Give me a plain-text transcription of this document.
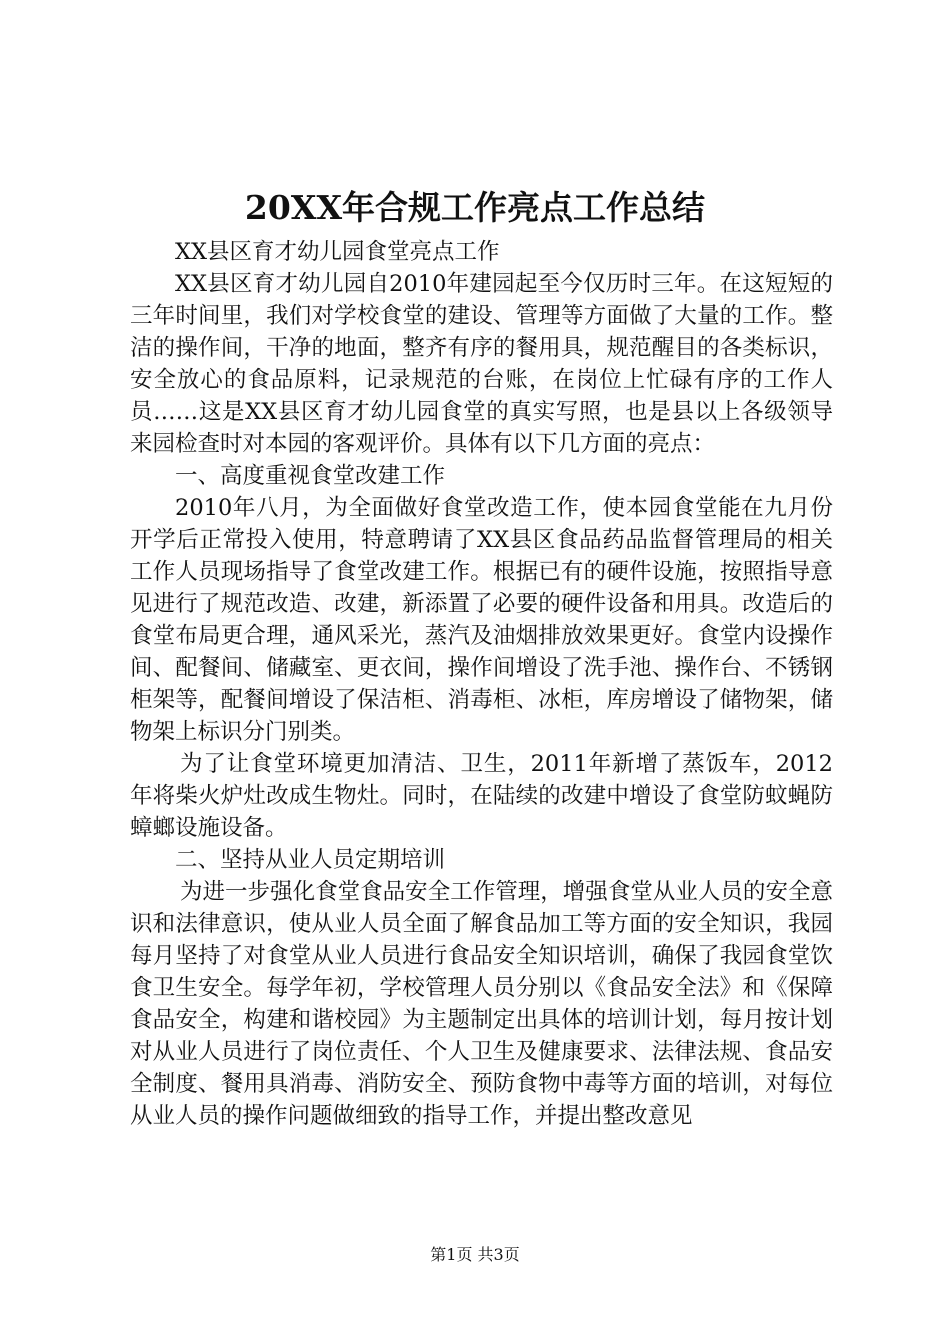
20XX年合规工作亮点工作总结

XX县区育才幼儿园食堂亮点工作

XX县区育才幼儿园自2010年建园起至今仅历时三年。在这短短的三年时间里，我们对学校食堂的建设、管理等方面做了大量的工作。整洁的操作间，干净的地面，整齐有序的餐用具，规范醒目的各类标识，安全放心的食品原料，记录规范的台账，在岗位上忙碌有序的工作人员……这是XX县区育才幼儿园食堂的真实写照，也是县以上各级领导来园检查时对本园的客观评价。具体有以下几方面的亮点：

一、高度重视食堂改建工作

2010年八月，为全面做好食堂改造工作，使本园食堂能在九月份开学后正常投入使用，特意聘请了XX县区食品药品监督管理局的相关工作人员现场指导了食堂改建工作。根据已有的硬件设施，按照指导意见进行了规范改造、改建，新添置了必要的硬件设备和用具。改造后的食堂布局更合理，通风采光，蒸汽及油烟排放效果更好。食堂内设操作间、配餐间、储藏室、更衣间，操作间增设了洗手池、操作台、不锈钢柜架等，配餐间增设了保洁柜、消毒柜、冰柜，库房增设了储物架，储物架上标识分门别类。

为了让食堂环境更加清洁、卫生，2011年新增了蒸饭车，2012年将柴火炉灶改成生物灶。同时，在陆续的改建中增设了食堂防蚊蝇防蟑螂设施设备。

二、坚持从业人员定期培训

为进一步强化食堂食品安全工作管理，增强食堂从业人员的安全意识和法律意识，使从业人员全面了解食品加工等方面的安全知识，我园每月坚持了对食堂从业人员进行食品安全知识培训，确保了我园食堂饮食卫生安全。每学年初，学校管理人员分别以《食品安全法》和《保障食品安全，构建和谐校园》为主题制定出具体的培训计划，每月按计划对从业人员进行了岗位责任、个人卫生及健康要求、法律法规、食品安全制度、餐用具消毒、消防安全、预防食物中毒等方面的培训，对每位从业人员的操作问题做细致的指导工作，并提出整改意见

第1页 共3页
